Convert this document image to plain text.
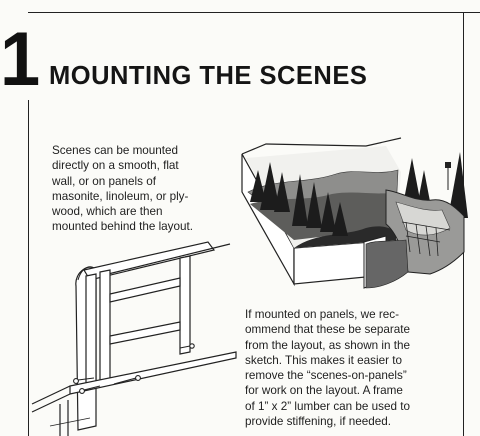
1 MOUNTING THE SCENES
Scenes can be mounted
directly on a smooth, flat
wall, or on panels of
masonite, linoleum, or ply-
wood, which are then
mounted behind the layout.
If mounted on panels, we rec-
ommend that these be separate
from the layout, as shown in the
sketch. This makes it easier to
remove the “scenes-on-panels”
for work on the layout. A frame
of 1” x 2” lumber can be used to
provide stiffening, if needed.
